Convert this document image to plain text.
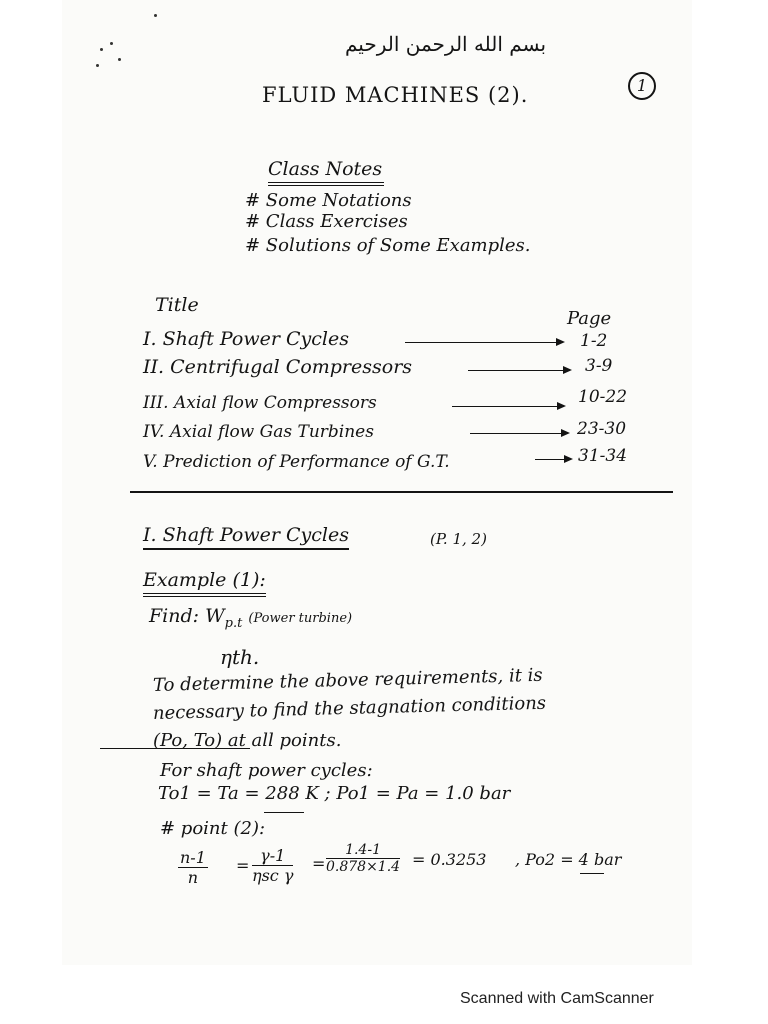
بسم الله الرحمن الرحيم
FLUID MACHINES (2).	1
Class Notes
# Some Notations
# Class Exercises
# Solutions of Some Examples.
Title
Page
I. Shaft Power Cycles	1-2
II. Centrifugal Compressors	3-9
III. Axial flow Compressors	10-22
IV. Axial flow Gas Turbines	23-30
V. Prediction of Performance of G.T.	31-34
I. Shaft Power Cycles	(P. 1, 2)
Example (1):
Find: $W_{p.t}$ (Power turbine)
ηth.
To determine the above requirements, it is
necessary to find the stagnation conditions
(Po, To) at all points.
For shaft power cycles:
To1 = Ta = 288 K ; Po1 = Pa = 1.0 bar
# point (2):
$\frac{n-1}{n}$ =
γ-1
ηsc γ
= $\frac{1.4-1}{0.878\times 1.4} = 0.3253$ , Po2 = 4 bar
Scanned with CamScanner
